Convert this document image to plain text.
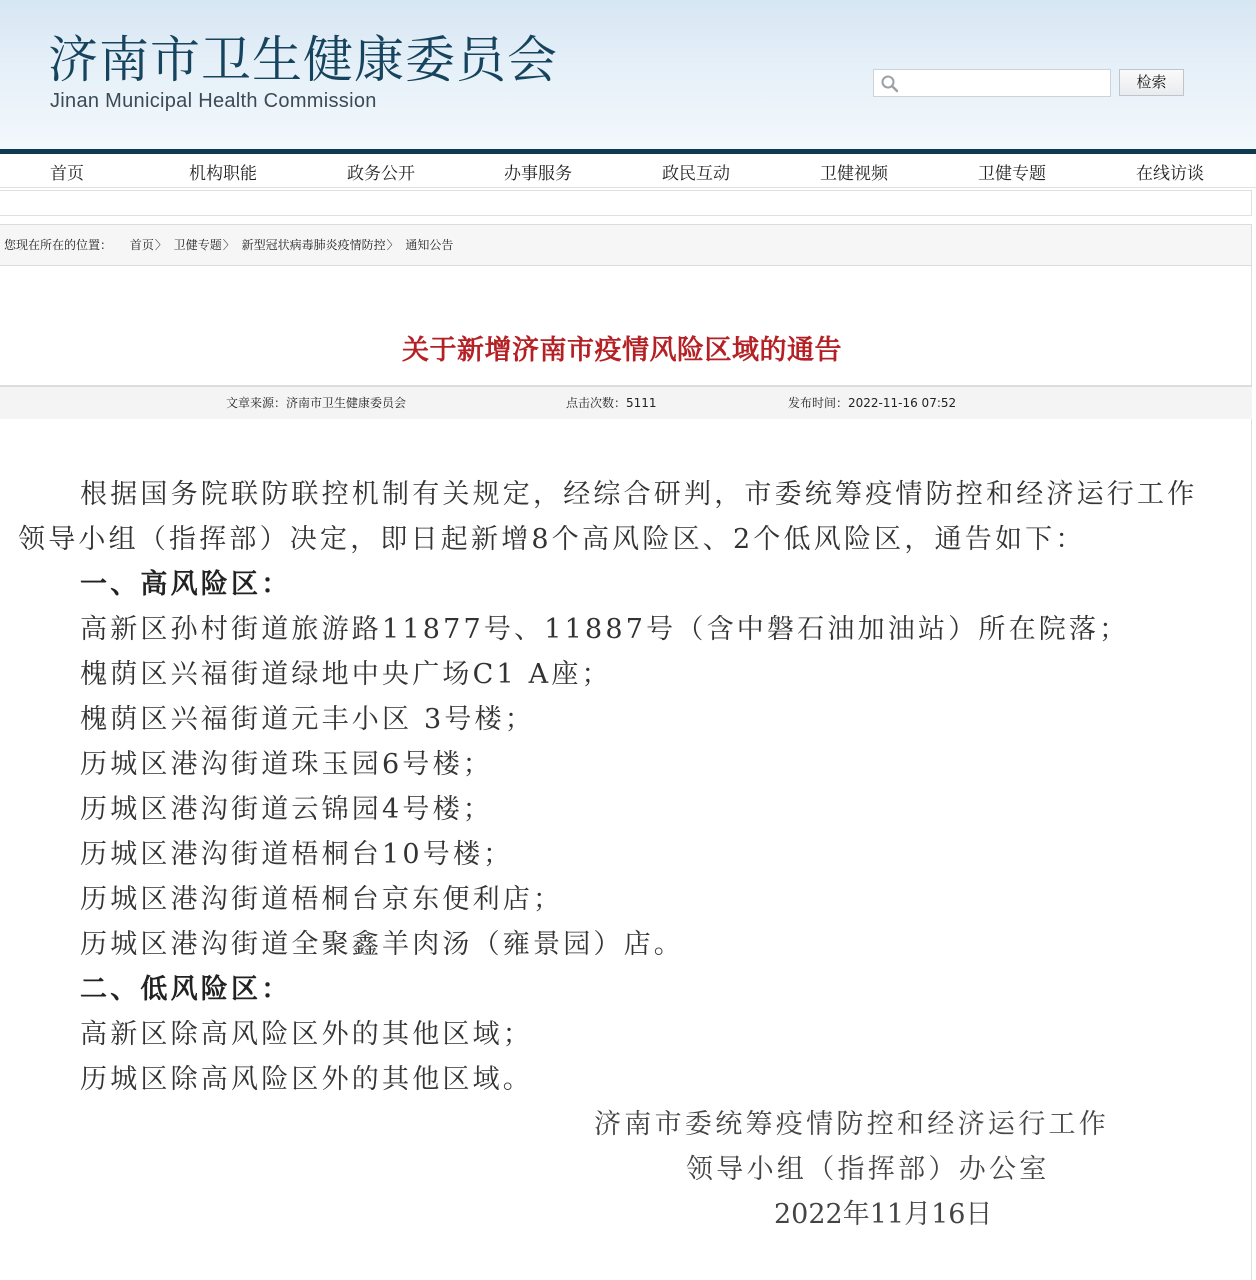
济南市卫生健康委员会
Jinan Municipal Health Commission
检索
首页	机构职能	政务公开	办事服务	政民互动	卫健视频	卫健专题	在线访谈
您现在所在的位置： 首页〉 卫健专题〉 新型冠状病毒肺炎疫情防控〉 通知公告
关于新增济南市疫情风险区域的通告
文章来源：济南市卫生健康委员会	点击次数：5111	发布时间：2022-11-16 07:52
根据国务院联防联控机制有关规定，经综合研判，市委统筹疫情防控和经济运行工作
领导小组（指挥部）决定，即日起新增8个高风险区、2个低风险区，通告如下：
一、高风险区：
高新区孙村街道旅游路11877号、11887号（含中磐石油加油站）所在院落；
槐荫区兴福街道绿地中央广场C1 A座；
槐荫区兴福街道元丰小区 3号楼；
历城区港沟街道珠玉园6号楼；
历城区港沟街道云锦园4号楼；
历城区港沟街道梧桐台10号楼；
历城区港沟街道梧桐台京东便利店；
历城区港沟街道全聚鑫羊肉汤（雍景园）店。
二、低风险区：
高新区除高风险区外的其他区域；
历城区除高风险区外的其他区域。
济南市委统筹疫情防控和经济运行工作
领导小组（指挥部）办公室
2022年11月16日
